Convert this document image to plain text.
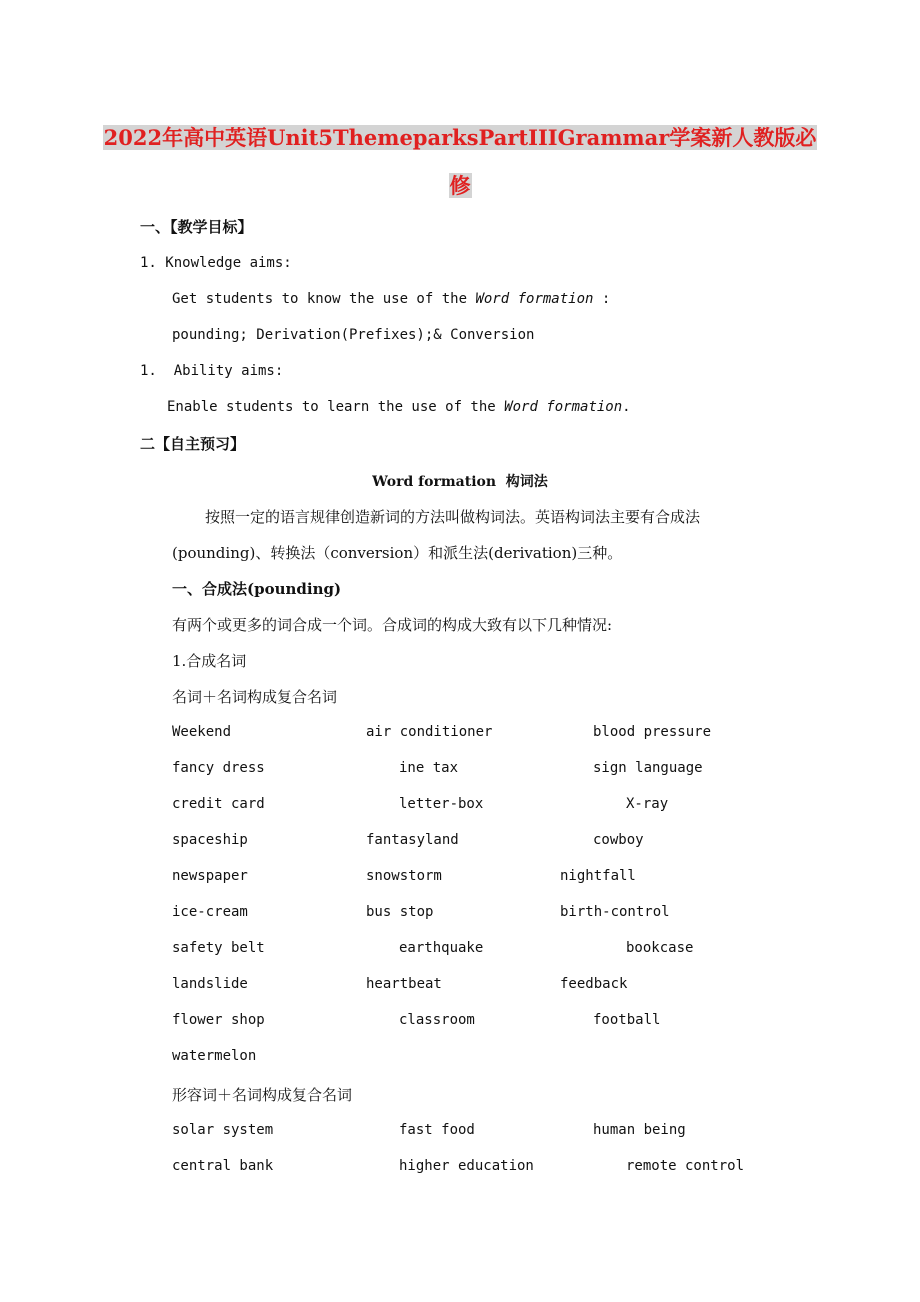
2022年高中英语Unit5ThemeparksPartIIIGrammar学案新人教版必
修
一、【教学目标】
1. Knowledge aims:
Get students to know the use of the Word formation :
pounding; Derivation(Prefixes);& Conversion
1.  Ability aims:
Enable students to learn the use of the Word formation.
二【自主预习】
Word formation  构词法
按照一定的语言规律创造新词的方法叫做构词法。英语构词法主要有合成法
(pounding)、转换法（conversion）和派生法(derivation)三种。
一、合成法(pounding)
有两个或更多的词合成一个词。合成词的构成大致有以下几种情况:
1.合成名词
名词＋名词构成复合名词
Weekend	air conditioner	blood pressure
fancy dress	ine tax	sign language
credit card	letter-box	X-ray
spaceship	fantasyland	cowboy
newspaper	snowstorm	nightfall
ice-cream	bus stop	birth-control
safety belt	earthquake	bookcase
landslide	heartbeat	feedback
flower shop	classroom	football
watermelon
形容词＋名词构成复合名词
solar system	fast food	human being
central bank	higher education	remote control
